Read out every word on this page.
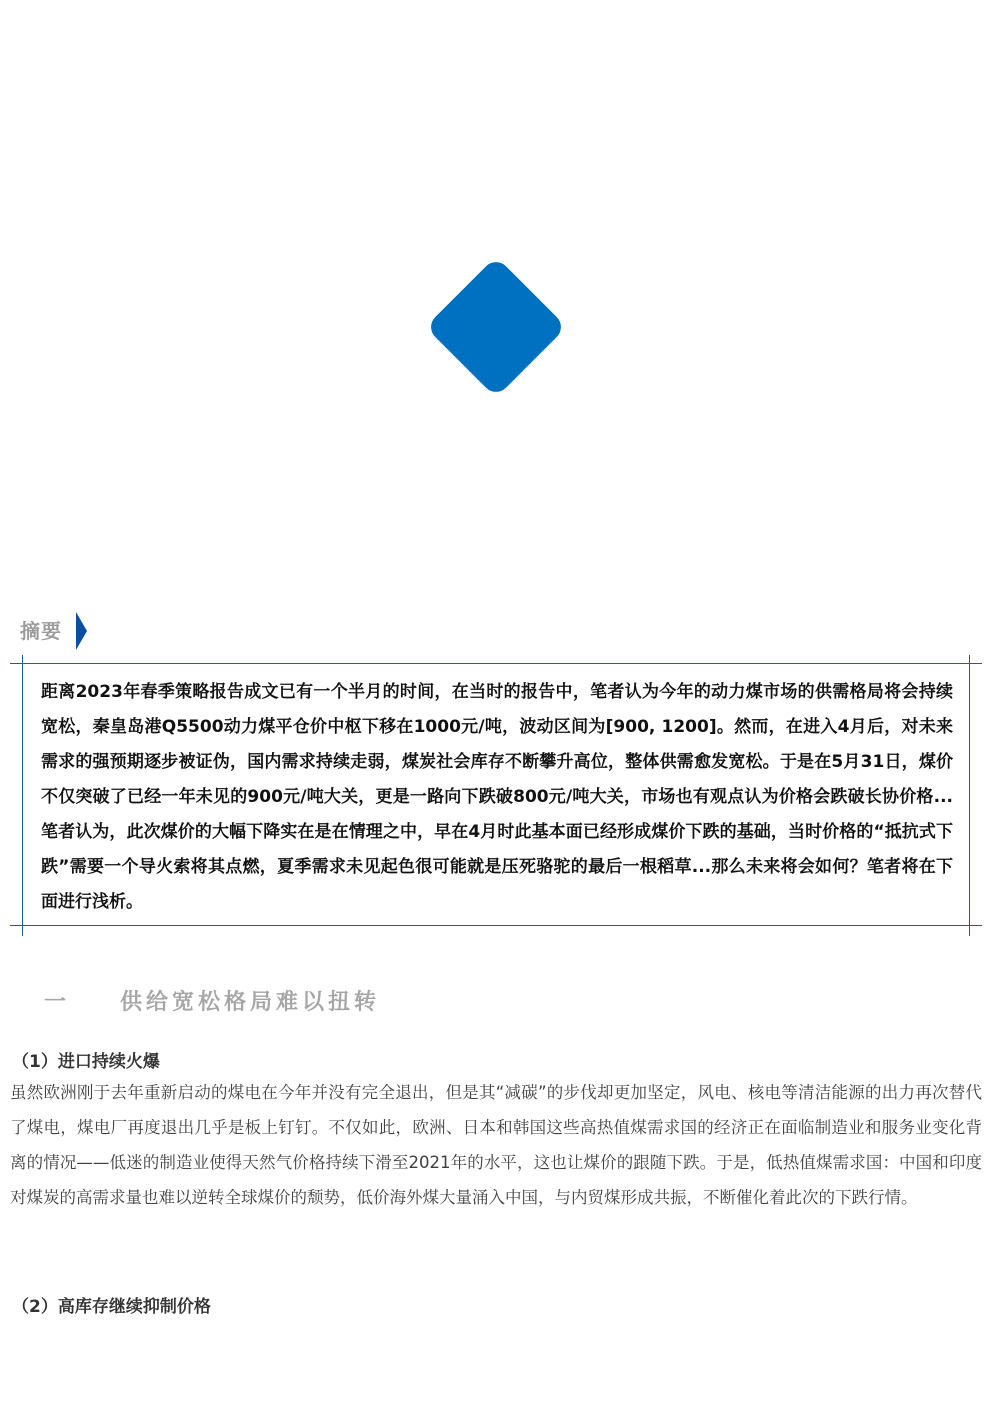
摘要
距离2023年春季策略报告成文已有一个半月的时间，在当时的报告中，笔者认为今年的动力煤市场的供需格局将会持续宽松，秦皇岛港Q5500动力煤平仓价中枢下移在1000元/吨，波动区间为[900, 1200]。然而，在进入4月后，对未来需求的强预期逐步被证伪，国内需求持续走弱，煤炭社会库存不断攀升高位，整体供需愈发宽松。于是在5月31日，煤价不仅突破了已经一年未见的900元/吨大关，更是一路向下跌破800元/吨大关，市场也有观点认为价格会跌破长协价格...笔者认为，此次煤价的大幅下降实在是在情理之中，早在4月时此基本面已经形成煤价下跌的基础，当时价格的“抵抗式下跌”需要一个导火索将其点燃，夏季需求未见起色很可能就是压死骆驼的最后一根稻草...那么未来将会如何？笔者将在下面进行浅析。
一 供给宽松格局难以扭转
（1）进口持续火爆
虽然欧洲刚于去年重新启动的煤电在今年并没有完全退出，但是其“减碳”的步伐却更加坚定，风电、核电等清洁能源的出力再次替代了煤电，煤电厂再度退出几乎是板上钉钉。不仅如此，欧洲、日本和韩国这些高热值煤需求国的经济正在面临制造业和服务业变化背离的情况——低迷的制造业使得天然气价格持续下滑至2021年的水平，这也让煤价的跟随下跌。于是，低热值煤需求国：中国和印度对煤炭的高需求量也难以逆转全球煤价的颓势，低价海外煤大量涌入中国，与内贸煤形成共振，不断催化着此次的下跌行情。
（2）高库存继续抑制价格
